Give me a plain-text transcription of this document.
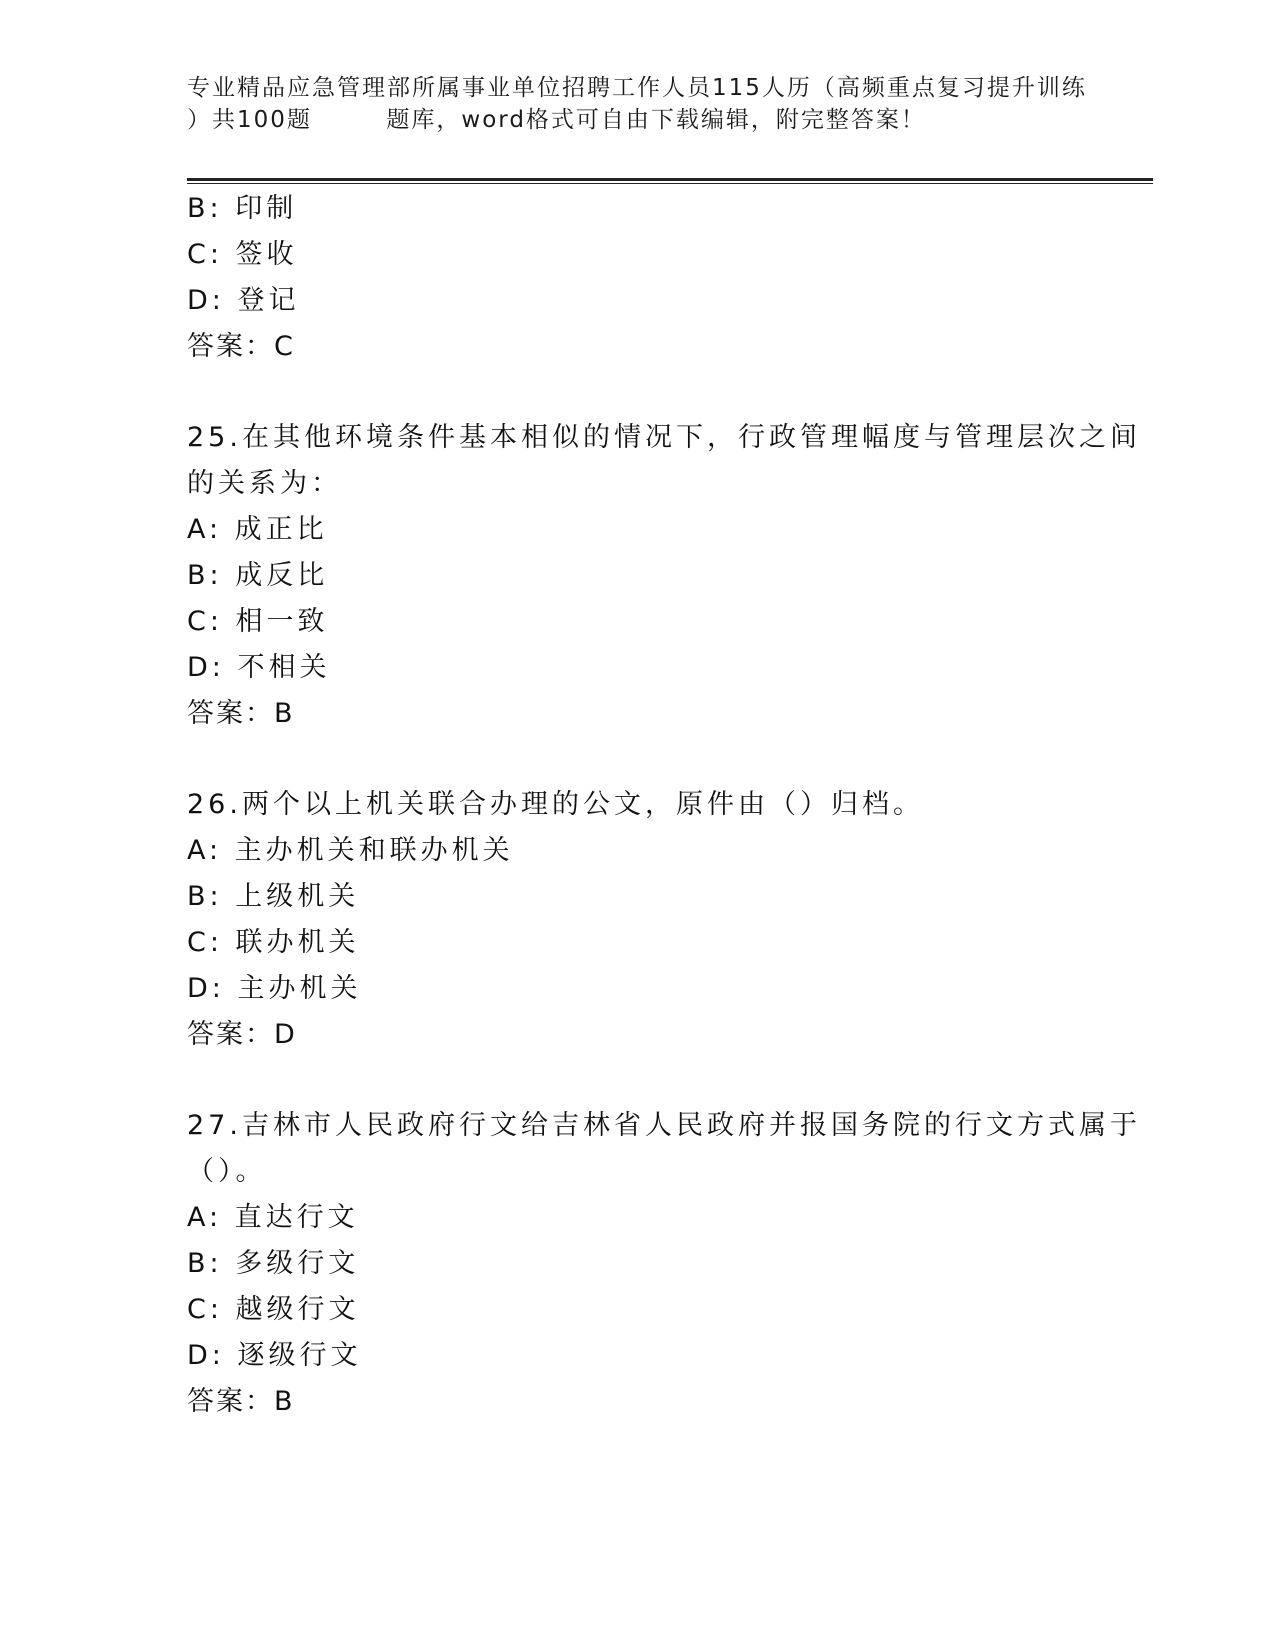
专业精品应急管理部所属事业单位招聘工作人员115人历（高频重点复习提升训练
）共100题        题库，word格式可自由下载编辑，附完整答案！
B: 印制
C: 签收
D: 登记
答案：C
25.在其他环境条件基本相似的情况下，行政管理幅度与管理层次之间
的关系为：
A: 成正比
B: 成反比
C: 相一致
D: 不相关
答案：B
26.两个以上机关联合办理的公文，原件由（）归档。
A: 主办机关和联办机关
B: 上级机关
C: 联办机关
D: 主办机关
答案：D
27.吉林市人民政府行文给吉林省人民政府并报国务院的行文方式属于
（）。
A: 直达行文
B: 多级行文
C: 越级行文
D: 逐级行文
答案：B
